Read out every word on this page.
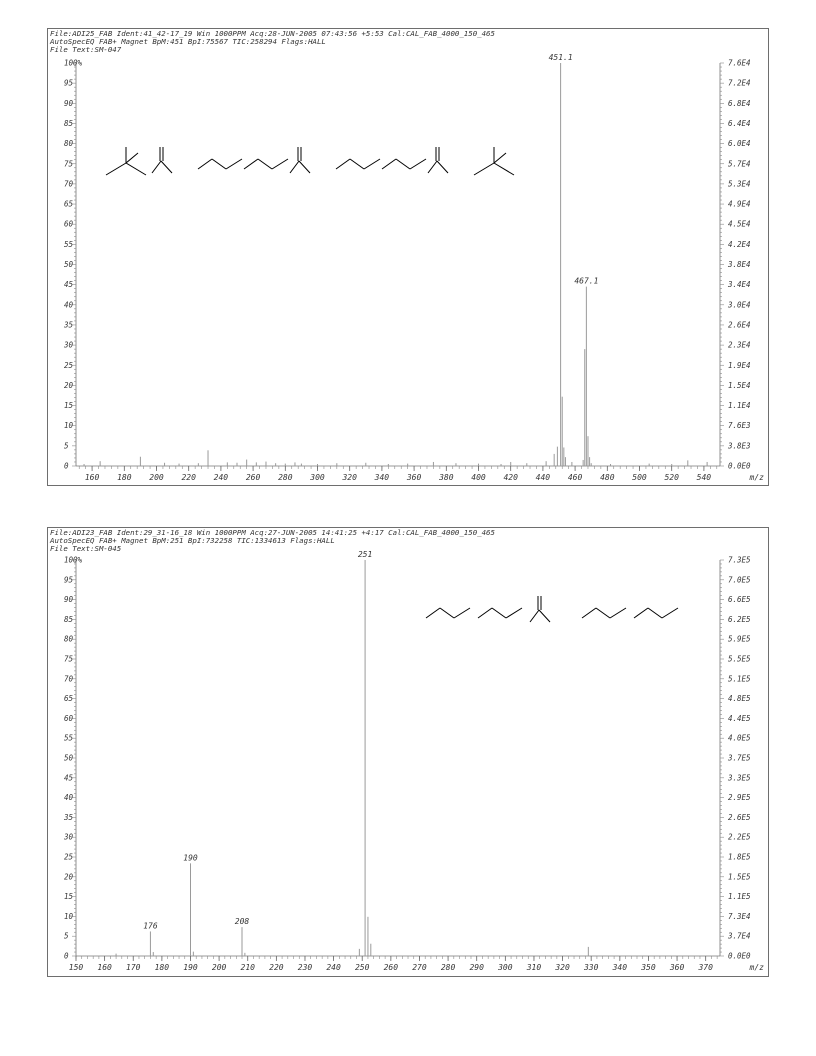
File:ADI25_FAB Ident:41_42-17_19 Win 1000PPM Acq:28-JUN-2005 07:43:56 +5:53 Cal:CAL_FAB_4000_150_465
AutoSpecEQ FAB+ Magnet BpM:451 BpI:75567 TIC:258294 Flags:HALL
File Text:SM-047
0
5
10
15
20
25
30
35
40
45
50
55
60
65
70
75
80
85
90
95
100%
0.0E0
3.8E3
7.6E3
1.1E4
1.5E4
1.9E4
2.3E4
2.6E4
3.0E4
3.4E4
3.8E4
4.2E4
4.5E4
4.9E4
5.3E4
5.7E4
6.0E4
6.4E4
6.8E4
7.2E4
7.6E4
160 180 200 220 240 260 280 300 320 340 360 380 400 420 440 460 480 500 520 540	m/z
451.1
467.1
File:ADI23_FAB Ident:29_31-16_18 Win 1000PPM Acq:27-JUN-2005 14:41:25 +4:17 Cal:CAL_FAB_4000_150_465
AutoSpecEQ FAB+ Magnet BpM:251 BpI:732258 TIC:1334613 Flags:HALL
File Text:SM-045
0
5
10
15
20
25
30
35
40
45
50
55
60
65
70
75
80
85
90
95
100%
0.0E0
3.7E4
7.3E4
1.1E5
1.5E5
1.8E5
2.2E5
2.6E5
2.9E5
3.3E5
3.7E5
4.0E5
4.4E5
4.8E5
5.1E5
5.5E5
5.9E5
6.2E5
6.6E5
7.0E5
7.3E5
150 160 170 180 190 200 210 220 230 240 250 260 270 280 290 300 310 320 330 340 350 360 370	m/z
176
190
208
251
